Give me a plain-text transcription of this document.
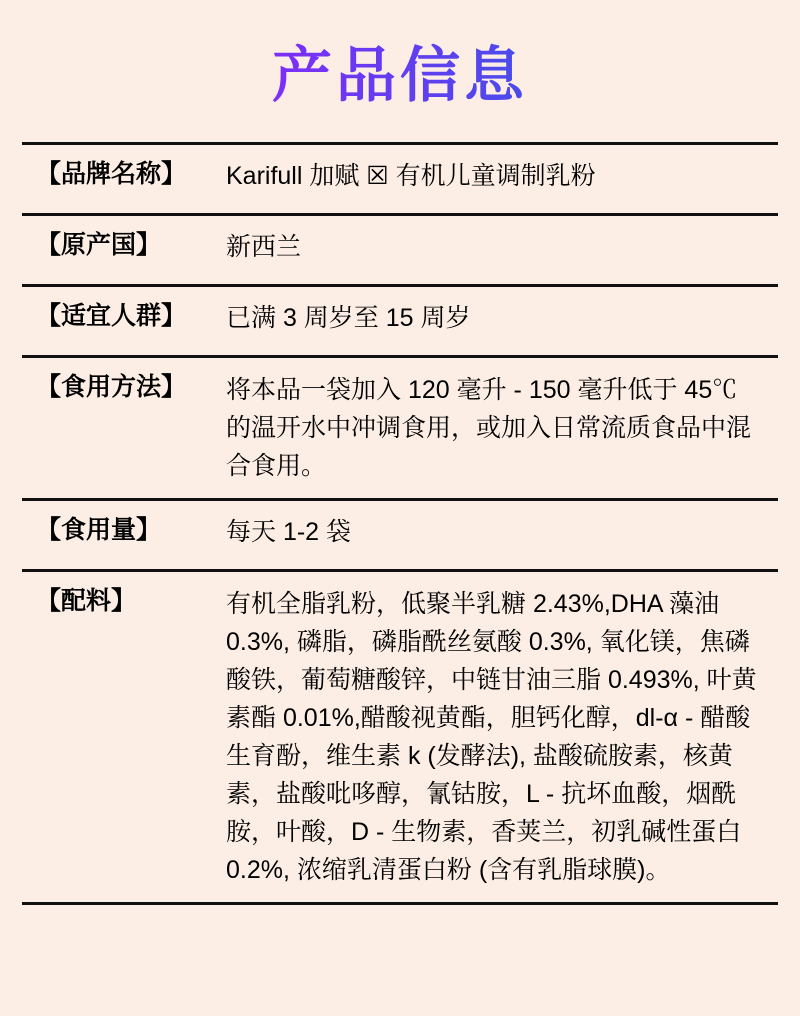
产品信息
【品牌名称】	Karifull 加赋 ☒ 有机儿童调制乳粉
【原产国】	新西兰
【适宜人群】	已满 3 周岁至 15 周岁
【食用方法】	将本品一袋加入 120 毫升 - 150 毫升低于 45℃的温开水中冲调食用，或加入日常流质食品中混合食用。
【食用量】	每天 1-2 袋
【配料】	有机全脂乳粉，低聚半乳糖 2.43%,DHA 藻油 0.3%, 磷脂，磷脂酰丝氨酸 0.3%, 氧化镁，焦磷酸铁，葡萄糖酸锌，中链甘油三脂 0.493%, 叶黄素酯 0.01%,醋酸视黄酯，胆钙化醇，dl-α - 醋酸生育酚，维生素 k (发酵法), 盐酸硫胺素，核黄素，盐酸吡哆醇，氰钴胺，L - 抗坏血酸，烟酰胺，叶酸，D - 生物素，香荚兰，初乳碱性蛋白 0.2%, 浓缩乳清蛋白粉 (含有乳脂球膜)。
